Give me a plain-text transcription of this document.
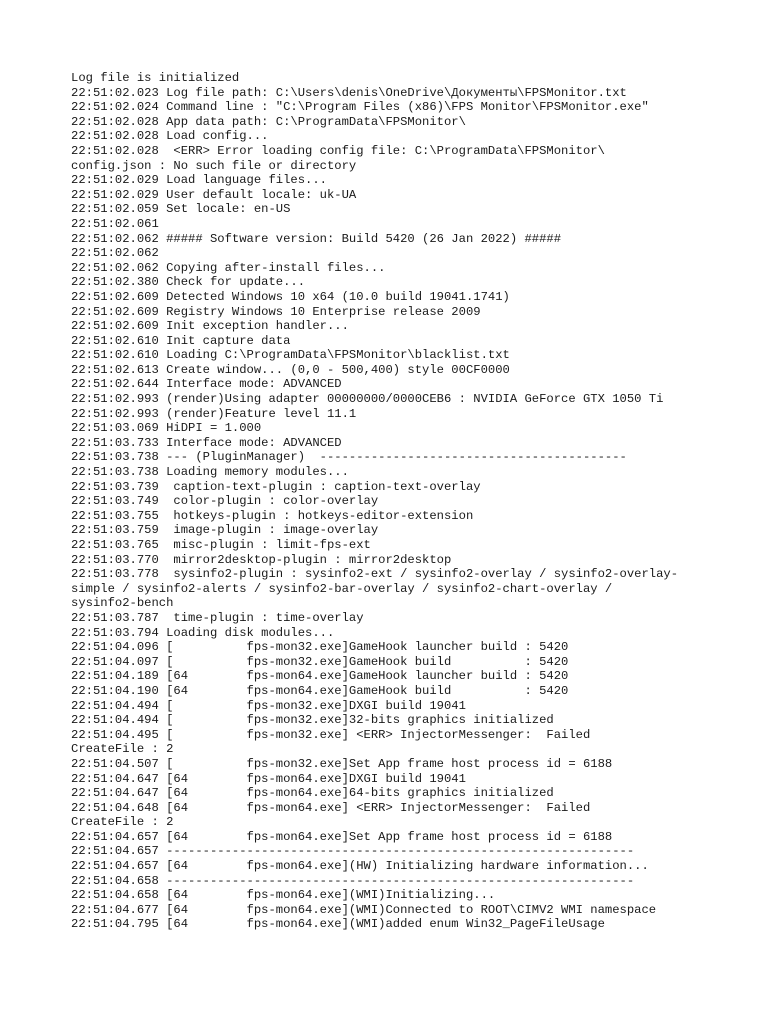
Log file is initialized
22:51:02.023 Log file path: C:\Users\denis\OneDrive\Документы\FPSMonitor.txt
22:51:02.024 Command line : "C:\Program Files (x86)\FPS Monitor\FPSMonitor.exe"
22:51:02.028 App data path: C:\ProgramData\FPSMonitor\
22:51:02.028 Load config...
22:51:02.028  <ERR> Error loading config file: C:\ProgramData\FPSMonitor\
config.json : No such file or directory
22:51:02.029 Load language files...
22:51:02.029 User default locale: uk-UA
22:51:02.059 Set locale: en-US
22:51:02.061
22:51:02.062 ##### Software version: Build 5420 (26 Jan 2022) #####
22:51:02.062
22:51:02.062 Copying after-install files...
22:51:02.380 Check for update...
22:51:02.609 Detected Windows 10 x64 (10.0 build 19041.1741)
22:51:02.609 Registry Windows 10 Enterprise release 2009
22:51:02.609 Init exception handler...
22:51:02.610 Init capture data
22:51:02.610 Loading C:\ProgramData\FPSMonitor\blacklist.txt
22:51:02.613 Create window... (0,0 - 500,400) style 00CF0000
22:51:02.644 Interface mode: ADVANCED
22:51:02.993 (render)Using adapter 00000000/0000CEB6 : NVIDIA GeForce GTX 1050 Ti
22:51:02.993 (render)Feature level 11.1
22:51:03.069 HiDPI = 1.000
22:51:03.733 Interface mode: ADVANCED
22:51:03.738 --- (PluginManager)  ------------------------------------------
22:51:03.738 Loading memory modules...
22:51:03.739  caption-text-plugin : caption-text-overlay
22:51:03.749  color-plugin : color-overlay
22:51:03.755  hotkeys-plugin : hotkeys-editor-extension
22:51:03.759  image-plugin : image-overlay
22:51:03.765  misc-plugin : limit-fps-ext
22:51:03.770  mirror2desktop-plugin : mirror2desktop
22:51:03.778  sysinfo2-plugin : sysinfo2-ext / sysinfo2-overlay / sysinfo2-overlay-
simple / sysinfo2-alerts / sysinfo2-bar-overlay / sysinfo2-chart-overlay /
sysinfo2-bench
22:51:03.787  time-plugin : time-overlay
22:51:03.794 Loading disk modules...
22:51:04.096 [          fps-mon32.exe]GameHook launcher build : 5420
22:51:04.097 [          fps-mon32.exe]GameHook build          : 5420
22:51:04.189 [64        fps-mon64.exe]GameHook launcher build : 5420
22:51:04.190 [64        fps-mon64.exe]GameHook build          : 5420
22:51:04.494 [          fps-mon32.exe]DXGI build 19041
22:51:04.494 [          fps-mon32.exe]32-bits graphics initialized
22:51:04.495 [          fps-mon32.exe] <ERR> InjectorMessenger:  Failed
CreateFile : 2
22:51:04.507 [          fps-mon32.exe]Set App frame host process id = 6188
22:51:04.647 [64        fps-mon64.exe]DXGI build 19041
22:51:04.647 [64        fps-mon64.exe]64-bits graphics initialized
22:51:04.648 [64        fps-mon64.exe] <ERR> InjectorMessenger:  Failed
CreateFile : 2
22:51:04.657 [64        fps-mon64.exe]Set App frame host process id = 6188
22:51:04.657 ----------------------------------------------------------------
22:51:04.657 [64        fps-mon64.exe](HW) Initializing hardware information...
22:51:04.658 ----------------------------------------------------------------
22:51:04.658 [64        fps-mon64.exe](WMI)Initializing...
22:51:04.677 [64        fps-mon64.exe](WMI)Connected to ROOT\CIMV2 WMI namespace
22:51:04.795 [64        fps-mon64.exe](WMI)added enum Win32_PageFileUsage
